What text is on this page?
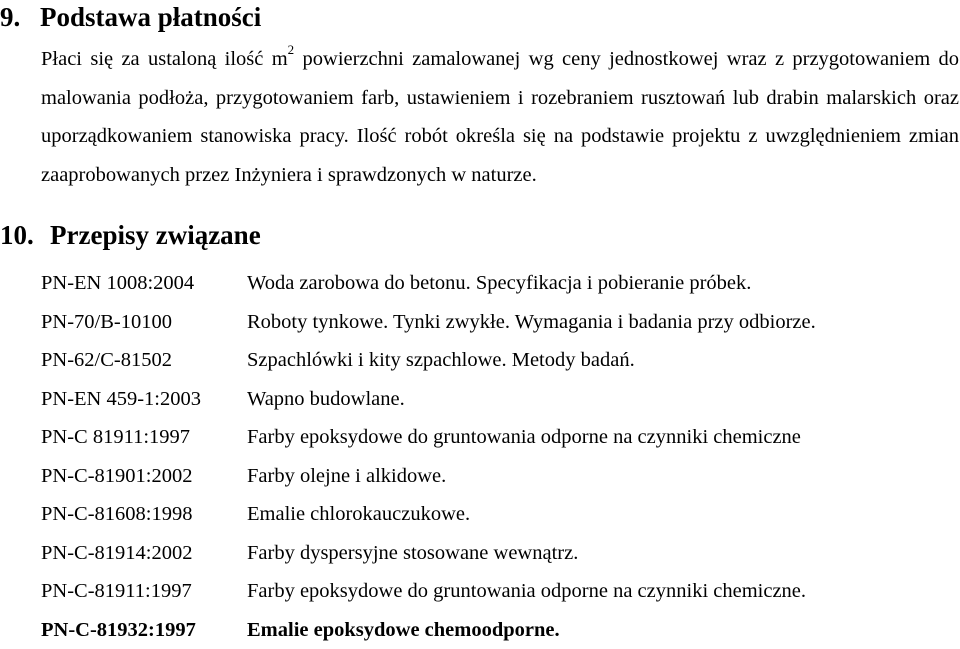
9. Podstawa płatności

Płaci się za ustaloną ilość $m^2$ powierzchni zamalowanej wg ceny jednostkowej wraz z przygotowaniem do malowania podłoża, przygotowaniem farb, ustawieniem i rozebraniem rusztowań lub drabin malarskich oraz uporządkowaniem stanowiska pracy. Ilość robót określa się na podstawie projektu z uwzględnieniem zmian zaaprobowanych przez Inżyniera i sprawdzonych w naturze.

10. Przepisy związane
PN-EN 1008:2004	Woda zarobowa do betonu. Specyfikacja i pobieranie próbek.
PN-70/B-10100	Roboty tynkowe. Tynki zwykłe. Wymagania i badania przy odbiorze.
PN-62/C-81502	Szpachlówki i kity szpachlowe. Metody badań.
PN-EN 459-1:2003 Wapno budowlane.
PN-C 81911:1997	Farby epoksydowe do gruntowania odporne na czynniki chemiczne
PN-C-81901:2002	Farby olejne i alkidowe.
PN-C-81608:1998	Emalie chlorokauczukowe.
PN-C-81914:2002	Farby dyspersyjne stosowane wewnątrz.
PN-C-81911:1997	Farby epoksydowe do gruntowania odporne na czynniki chemiczne.
PN-C-81932:1997 Emalie epoksydowe chemoodporne.
